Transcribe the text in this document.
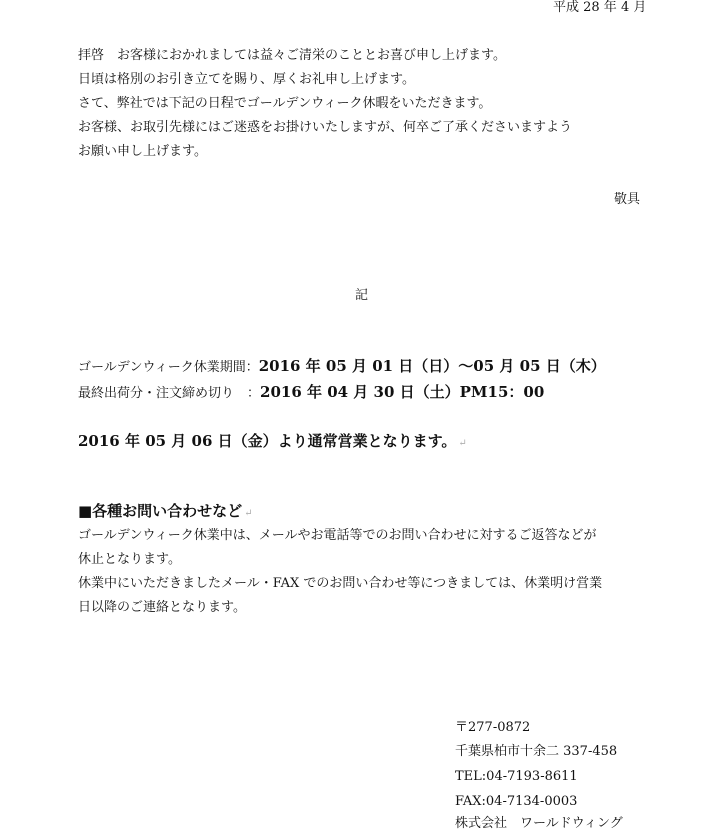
平成 28 年 4 月
拝啓　お客様におかれましては益々ご清栄のこととお喜び申し上げます。
日頃は格別のお引き立てを賜り、厚くお礼申し上げます。
さて、弊社では下記の日程でゴールデンウィーク休暇をいただきます。
お客様、お取引先様にはご迷惑をお掛けいたしますが、何卒ご了承くださいますよう
お願い申し上げます。
敬具
記
ゴールデンウィーク休業期間：2016 年 05 月 01 日（日）～05 月 05 日（木）
最終出荷分・注文締め切り　：2016 年 04 月 30 日（土）PM15：00
2016 年 05 月 06 日（金）より通常営業となります。 ↵
■各種お問い合わせなど ↵
ゴールデンウィーク休業中は、メールやお電話等でのお問い合わせに対するご返答などが
休止となります。
休業中にいただきましたメール・FAX でのお問い合わせ等につきましては、休業明け営業
日以降のご連絡となります。
〒277-0872
千葉県柏市十余二 337-458
TEL:04-7193-8611
FAX:04-7134-0003
株式会社　ワールドウィング
